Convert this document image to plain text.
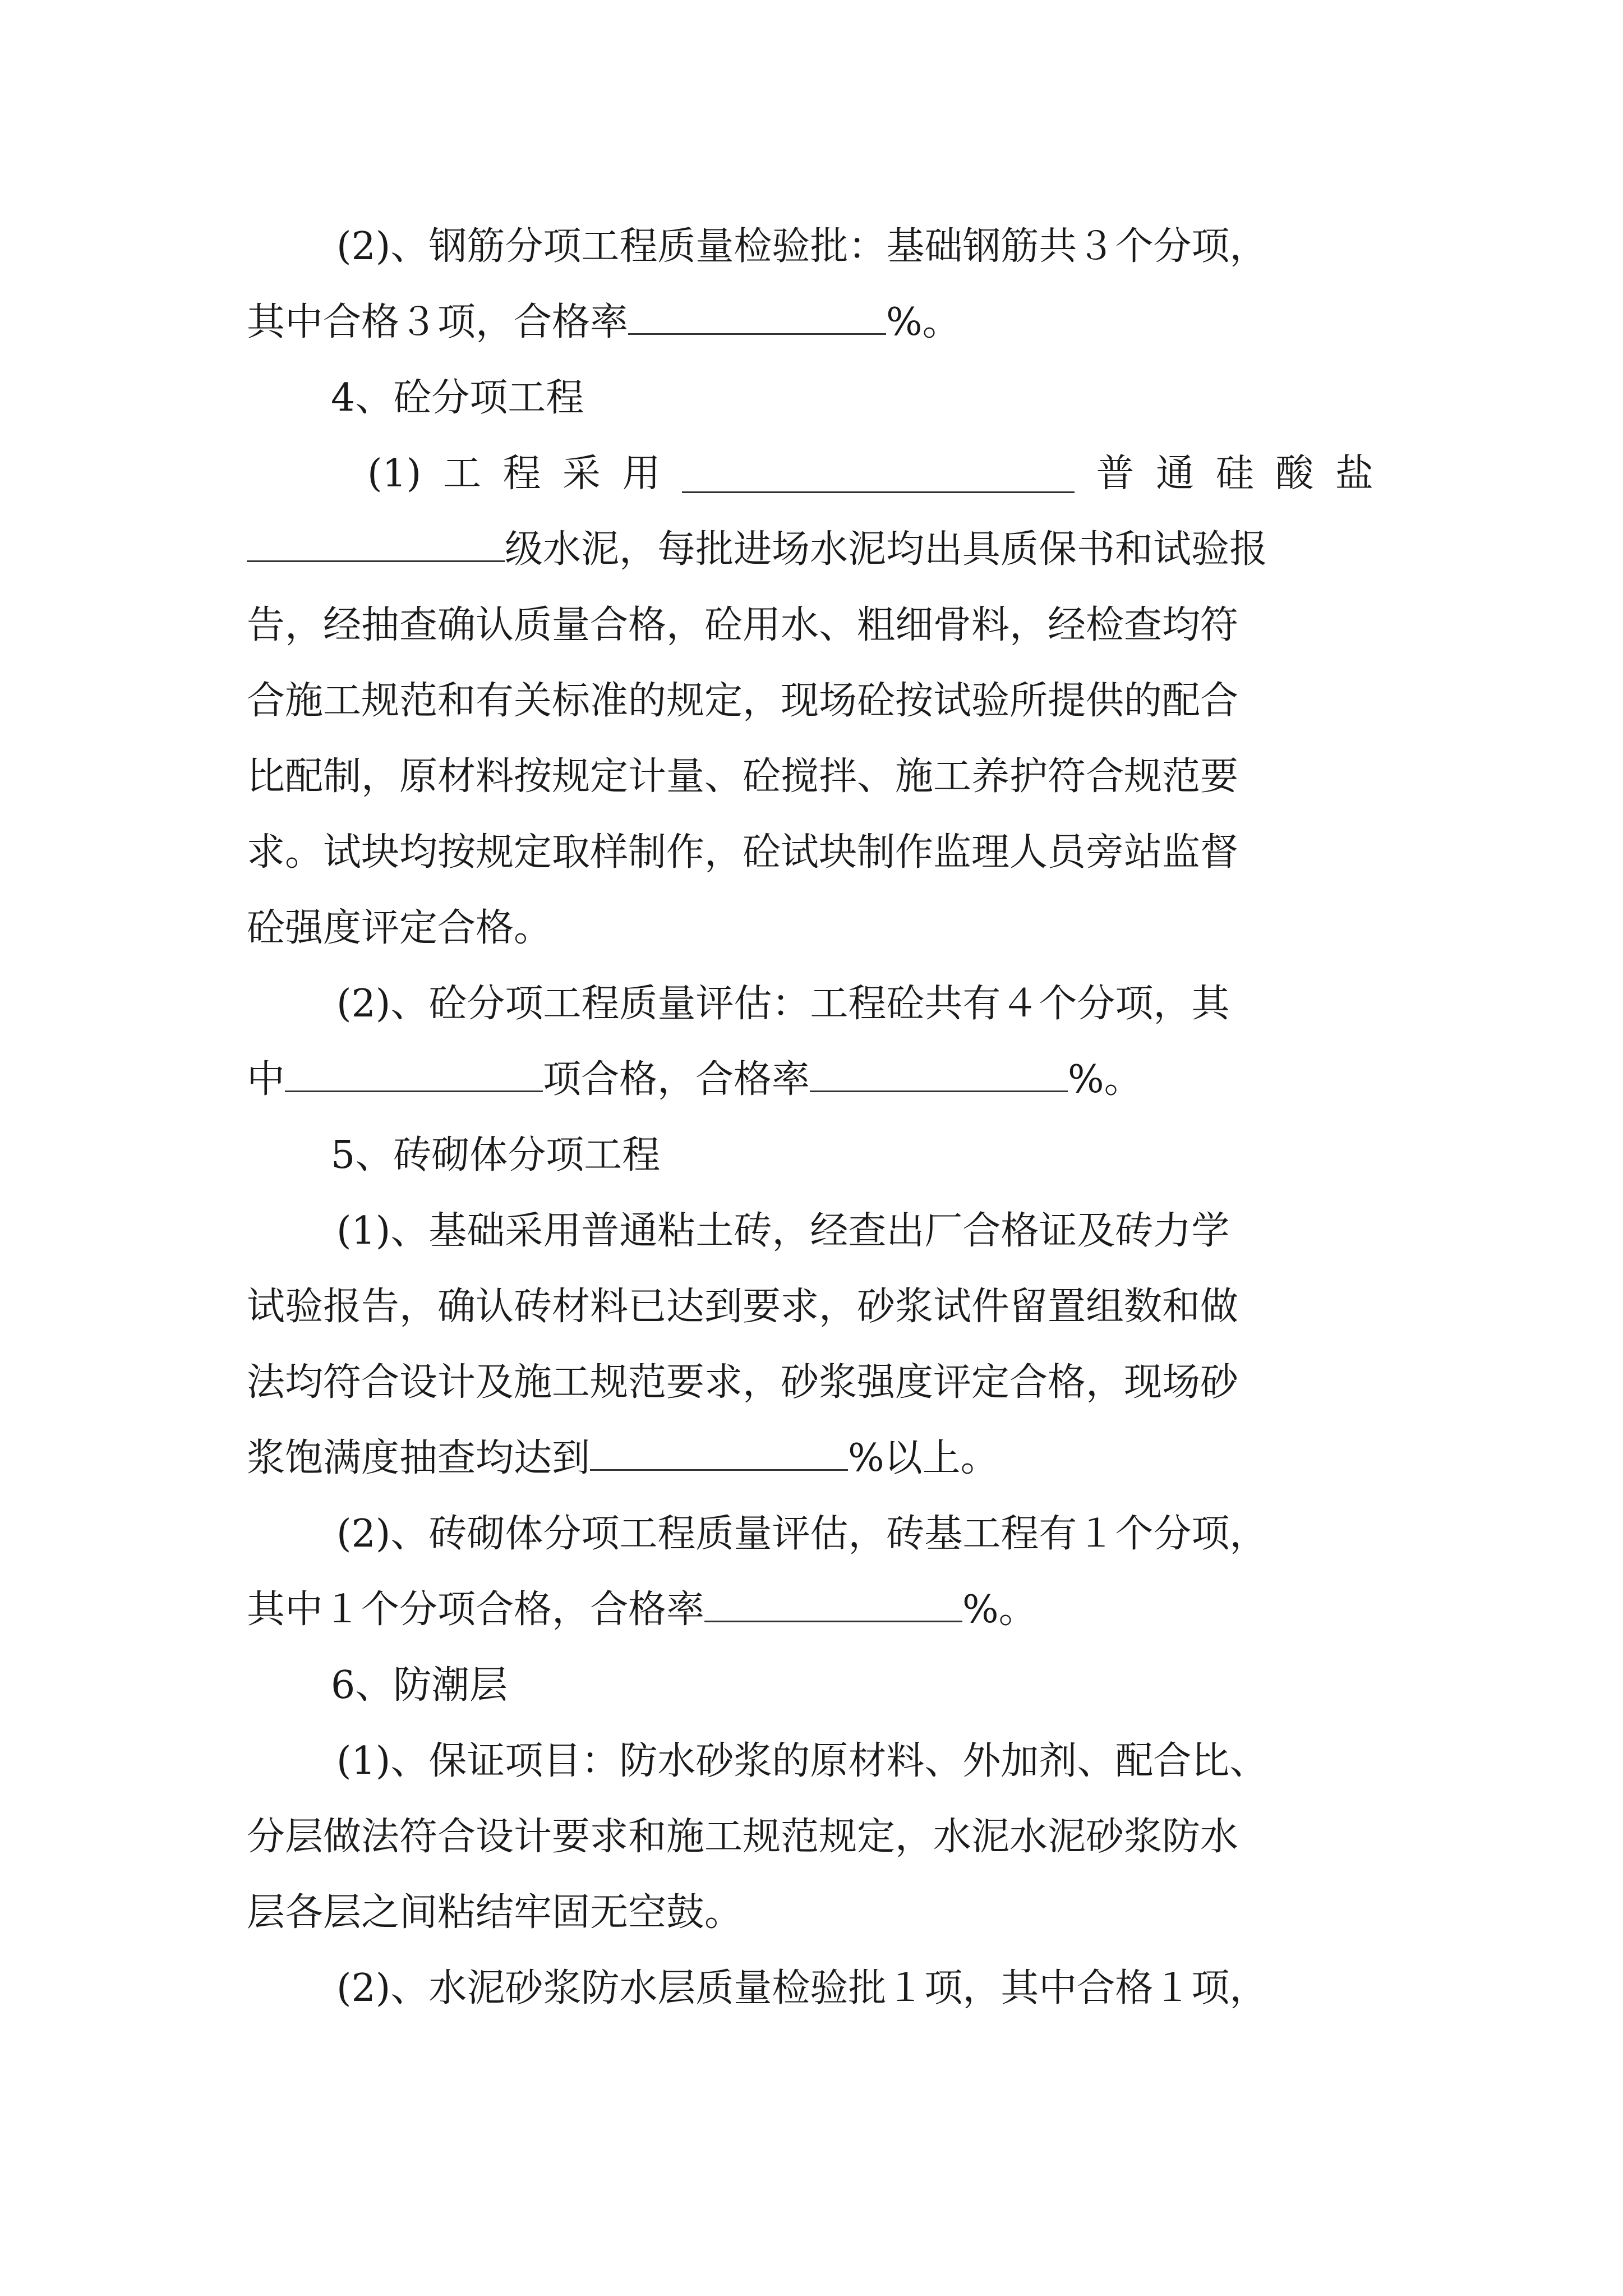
(2)、钢筋分项工程质量检验批：基础钢筋共３个分项，
其中合格３项，合格率	%。
4、砼分项工程
(1) 工 程 采 用	普 通 硅 酸 盐
级水泥，每批进场水泥均出具质保书和试验报
告，经抽查确认质量合格，砼用水、粗细骨料，经检查均符
合施工规范和有关标准的规定，现场砼按试验所提供的配合
比配制，原材料按规定计量、砼搅拌、施工养护符合规范要
求。试块均按规定取样制作，砼试块制作监理人员旁站监督
砼强度评定合格。
(2)、砼分项工程质量评估：工程砼共有４个分项，其
中	项合格，合格率	%。
5、砖砌体分项工程
(1)、基础采用普通粘土砖，经查出厂合格证及砖力学
试验报告，确认砖材料已达到要求，砂浆试件留置组数和做
法均符合设计及施工规范要求，砂浆强度评定合格，现场砂
浆饱满度抽查均达到	%以上。
(2)、砖砌体分项工程质量评估，砖基工程有１个分项，
其中１个分项合格，合格率	%。
6、防潮层
(1)、保证项目：防水砂浆的原材料、外加剂、配合比、
分层做法符合设计要求和施工规范规定，水泥水泥砂浆防水
层各层之间粘结牢固无空鼓。
(2)、水泥砂浆防水层质量检验批１项，其中合格１项，
